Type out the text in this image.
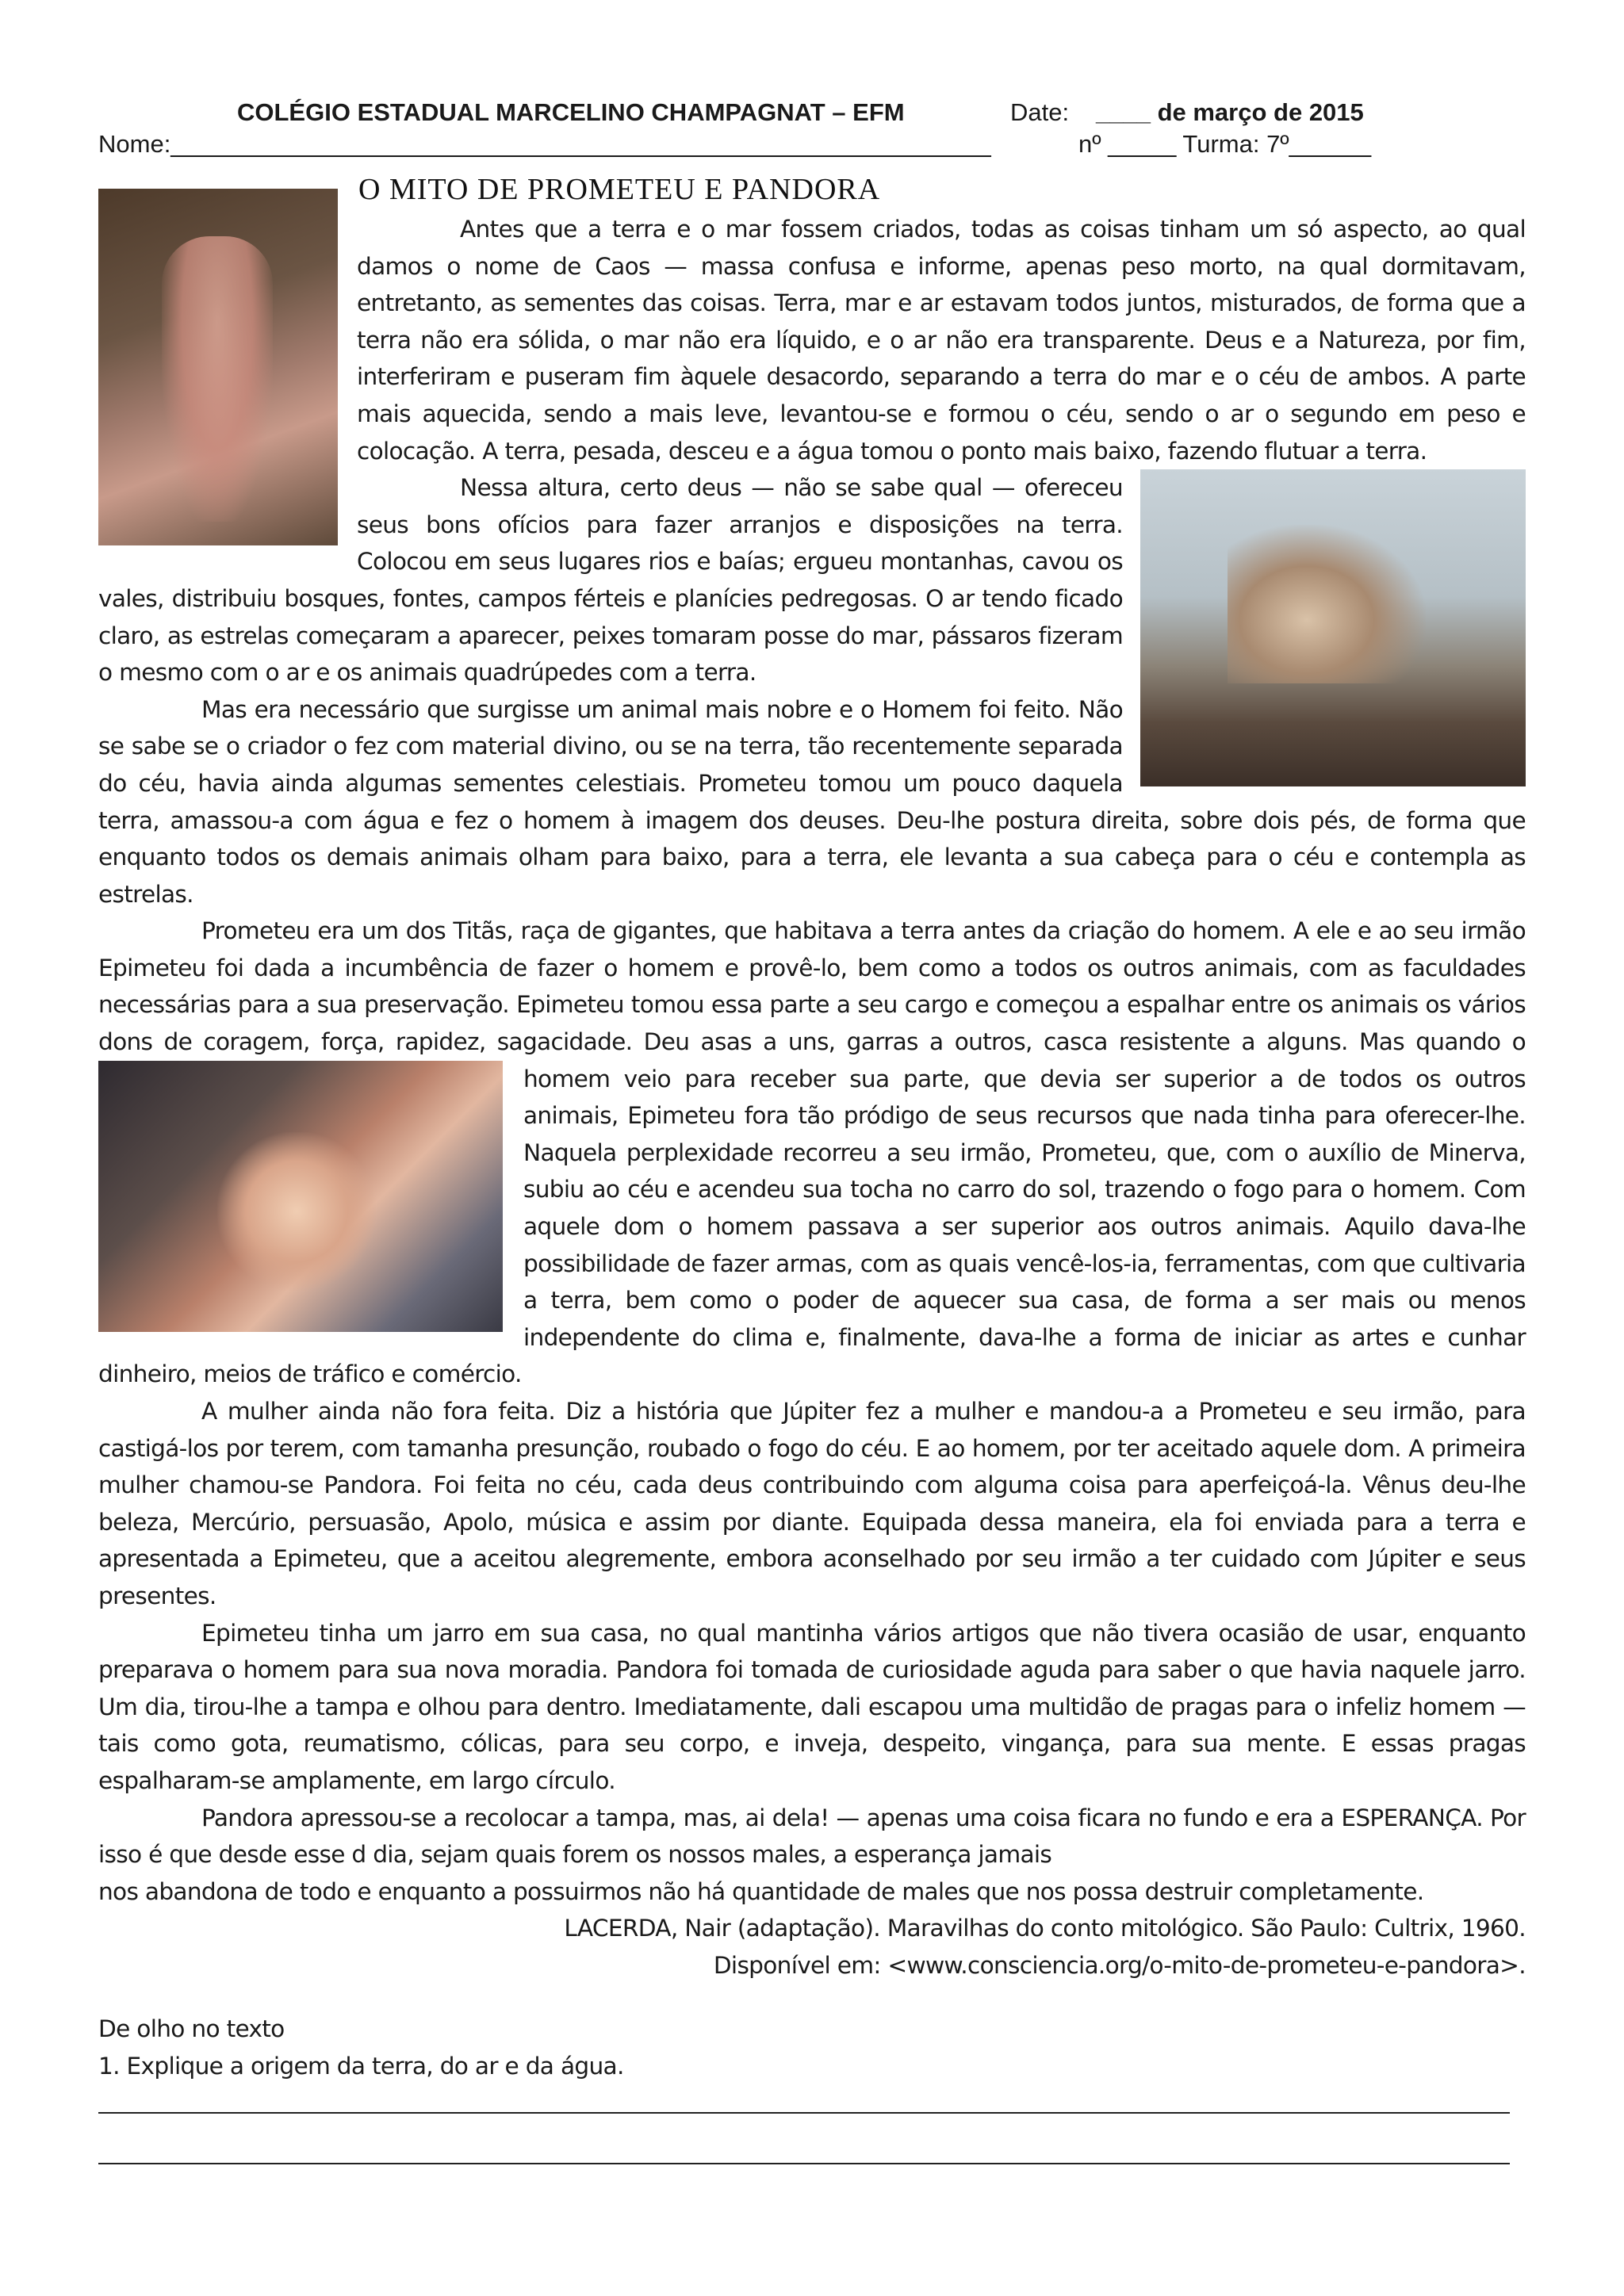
COLÉGIO ESTADUAL MARCELINO CHAMPAGNAT – EFM	Date: ____ de março de 2015
Nome:____________________________________________________________	nº _____ Turma: 7º______
O MITO DE PROMETEU E PANDORA

Antes que a terra e o mar fossem criados, todas as coisas tinham um só aspecto, ao qual damos o nome de Caos — massa confusa e informe, apenas peso morto, na qual dormitavam, entretanto, as sementes das coisas. Terra, mar e ar estavam todos juntos, misturados, de forma que a terra não era sólida, o mar não era líquido, e o ar não era transparente. Deus e a Natureza, por fim, interferiram e puseram fim àquele desacordo, separando a terra do mar e o céu de ambos. A parte mais aquecida, sendo a mais leve, levantou-se e formou o céu, sendo o ar o segundo em peso e colocação. A terra, pesada, desceu e a água tomou o ponto mais baixo, fazendo flutuar a terra.

Nessa altura, certo deus — não se sabe qual — ofereceu seus bons ofícios para fazer arranjos e disposições na terra. Colocou em seus lugares rios e baías; ergueu montanhas, cavou os vales, distribuiu bosques, fontes, campos férteis e planícies pedregosas. O ar tendo ficado claro, as estrelas começaram a aparecer, peixes tomaram posse do mar, pássaros fizeram o mesmo com o ar e os animais quadrúpedes com a terra.

Mas era necessário que surgisse um animal mais nobre e o Homem foi feito. Não se sabe se o criador o fez com material divino, ou se na terra, tão recentemente separada do céu, havia ainda algumas sementes celestiais. Prometeu tomou um pouco daquela terra, amassou-a com água e fez o homem à imagem dos deuses. Deu-lhe postura direita, sobre dois pés, de forma que enquanto todos os demais animais olham para baixo, para a terra, ele levanta a sua cabeça para o céu e contempla as estrelas.

Prometeu era um dos Titãs, raça de gigantes, que habitava a terra antes da criação do homem. A ele e ao seu irmão Epimeteu foi dada a incumbência de fazer o homem e provê-lo, bem como a todos os outros animais, com as faculdades necessárias para a sua preservação. Epimeteu tomou essa parte a seu cargo e começou a espalhar entre os animais os vários dons de coragem, força, rapidez, sagacidade. Deu asas a uns, garras a outros, casca resistente a
alguns. Mas quando o homem veio para receber sua parte, que devia ser superior a de todos os outros animais, Epimeteu fora tão pródigo de seus recursos que nada tinha para oferecer-lhe. Naquela perplexidade recorreu a seu irmão, Prometeu, que, com o auxílio de Minerva, subiu ao céu e acendeu sua tocha no carro do sol, trazendo o fogo para o homem. Com aquele dom o homem passava a ser superior aos outros animais. Aquilo dava-lhe possibilidade de fazer armas, com as quais vencê-los-ia, ferramentas, com que cultivaria a terra, bem como o poder de aquecer sua casa, de forma a ser mais ou menos independente do clima e, finalmente, dava-lhe a forma de iniciar as artes e cunhar dinheiro, meios de tráfico e comércio.

A mulher ainda não fora feita. Diz a história que Júpiter fez a mulher e mandou-a a Prometeu e seu irmão, para castigá-los por terem, com tamanha presunção, roubado o fogo do céu. E ao homem, por ter aceitado aquele dom. A primeira mulher chamou-se Pandora. Foi feita no céu, cada deus contribuindo com alguma coisa para aperfeiçoá-la. Vênus deu-lhe beleza, Mercúrio, persuasão, Apolo, música e assim por diante. Equipada dessa maneira, ela foi enviada para a terra e apresentada a Epimeteu, que a aceitou alegremente, embora aconselhado por seu irmão a ter cuidado com Júpiter e seus presentes.

Epimeteu tinha um jarro em sua casa, no qual mantinha vários artigos que não tivera ocasião de usar, enquanto preparava o homem para sua nova moradia. Pandora foi tomada de curiosidade aguda para saber o que havia naquele jarro. Um dia, tirou-lhe a tampa e olhou para dentro. Imediatamente, dali escapou uma multidão de pragas para o infeliz homem — tais como gota, reumatismo, cólicas, para seu corpo, e inveja, despeito, vingança, para sua mente. E essas pragas espalharam-se amplamente, em largo círculo.

Pandora apressou-se a recolocar a tampa, mas, ai dela! — apenas uma coisa ficara no fundo e era a ESPERANÇA. Por isso é que desde esse d dia, sejam quais forem os nossos males, a esperança jamais

nos abandona de todo e enquanto a possuirmos não há quantidade de males que nos possa destruir completamente.

LACERDA, Nair (adaptação). Maravilhas do conto mitológico. São Paulo: Cultrix, 1960.

Disponível em: <www.consciencia.org/o-mito-de-prometeu-e-pandora>.

De olho no texto

1. Explique a origem da terra, do ar e da água.
